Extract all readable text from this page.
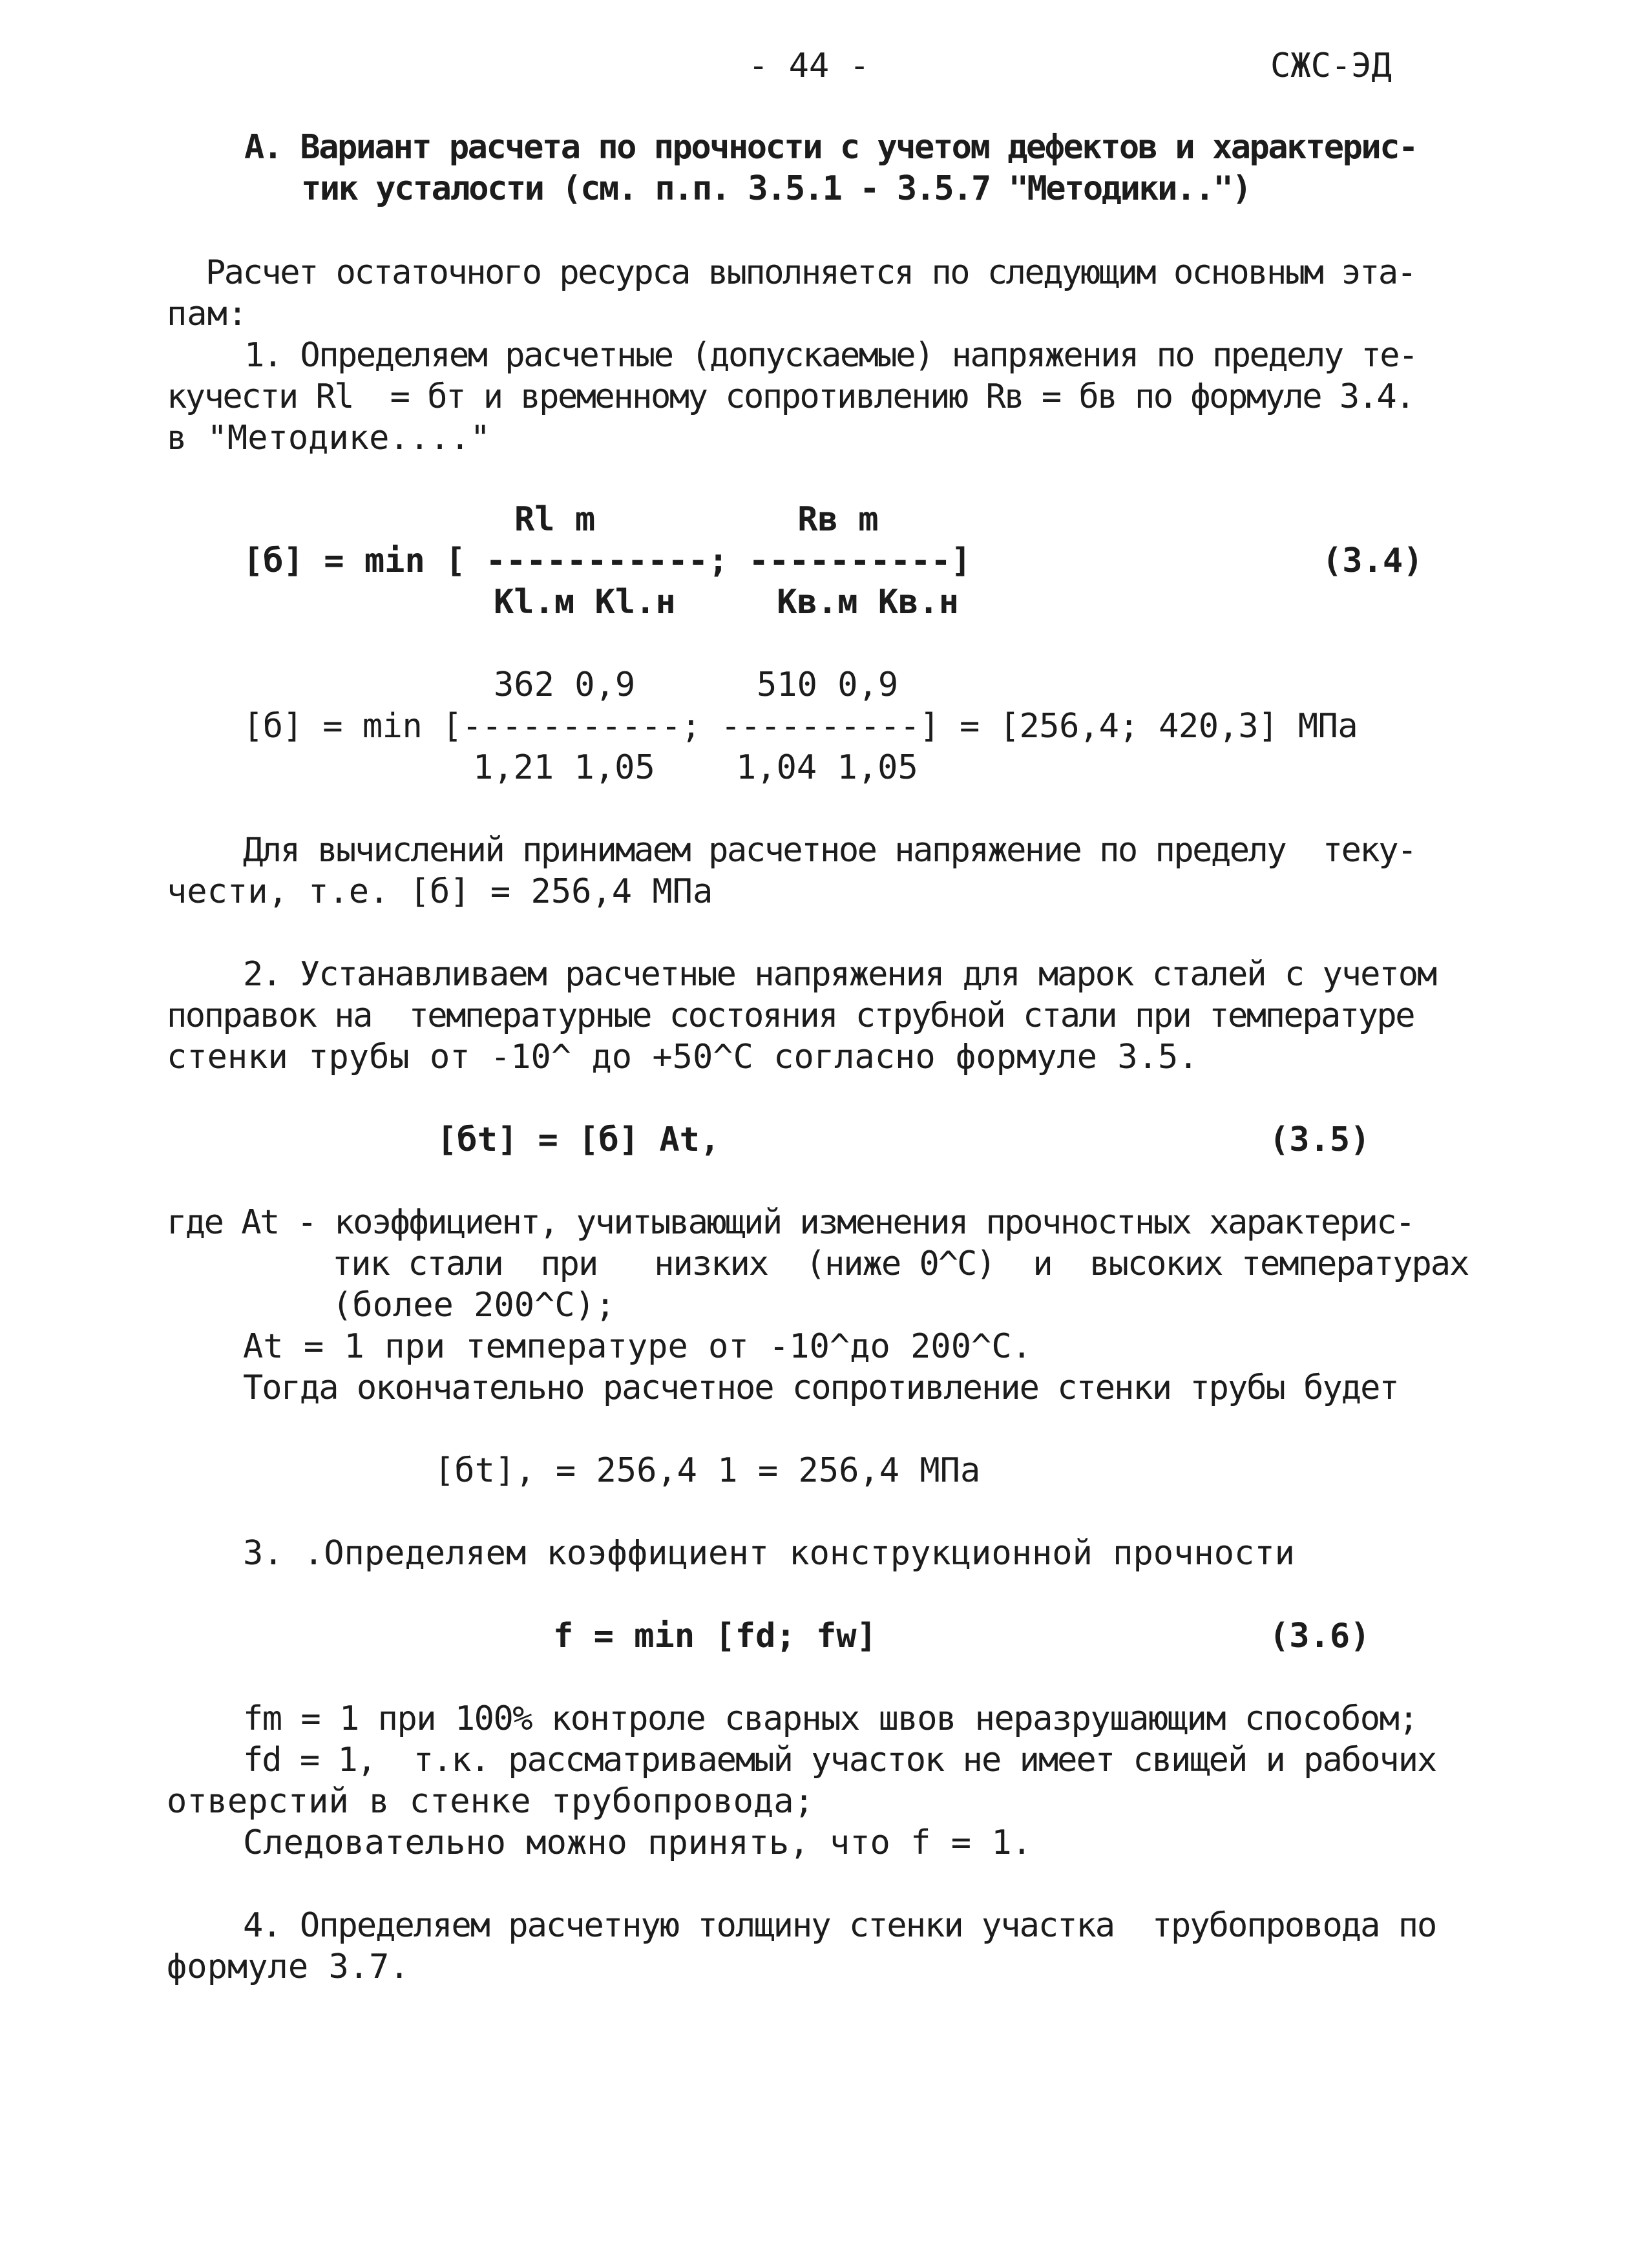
- 44 -	СЖС-ЭД
А. Вариант расчета по прочности с учетом дефектов и характерис-
тик усталости (см. п.п. 3.5.1 - 3.5.7 "Методики..")
Расчет остаточного ресурса выполняется по следующим основным эта-
пам:
1. Определяем расчетные (допускаемые) напряжения по пределу те-
кучести Rl  = бт и временному сопротивлению Rв = бв по формуле 3.4.
в "Методике...."
Rl m          Rв m
[б] = min [ -----------; ----------]	(3.4)
Kl.м Kl.н     Kв.м Kв.н
362 0,9      510 0,9
[б] = min [-----------; ----------] = [256,4; 420,3] МПа
1,21 1,05    1,04 1,05
Для вычислений принимаем расчетное напряжение по пределу  теку-
чести, т.е. [б] = 256,4 МПа
2. Устанавливаем расчетные напряжения для марок сталей с учетом
поправок на  температурные состояния струбной стали при температуре
стенки трубы от -10^ до +50^С согласно формуле 3.5.
[бt] = [б] At,	(3.5)
где At - коэффициент, учитывающий изменения прочностных характерис-
тик стали  при   низких  (ниже 0^С)  и  высоких температурах
(более 200^С);
At = 1 при температуре от -10^до 200^С.
Тогда окончательно расчетное сопротивление стенки трубы будет
[бt], = 256,4 1 = 256,4 МПа
3. .Определяем коэффициент конструкционной прочности
f = min [fd; fw]	(3.6)
fm = 1 при 100% контроле сварных швов неразрушающим способом;
fd = 1,  т.к. рассматриваемый участок не имеет свищей и рабочих
отверстий в стенке трубопровода;
Следовательно можно принять, что f = 1.
4. Определяем расчетную толщину стенки участка  трубопровода по
формуле 3.7.
